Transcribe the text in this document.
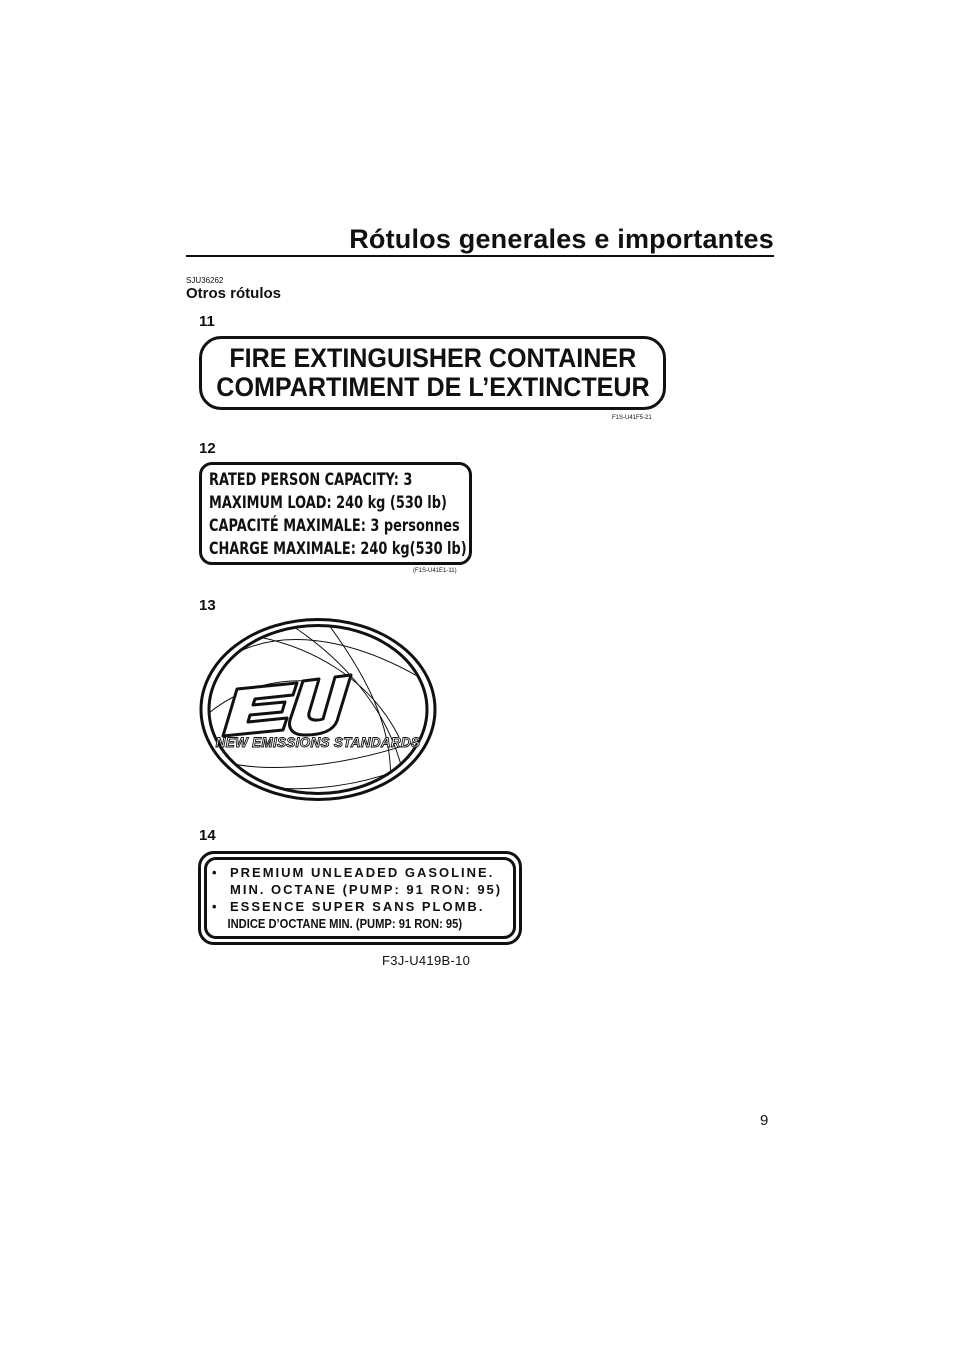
Rótulos generales e importantes
SJU36262
Otros rótulos
11
FIRE EXTINGUISHER CONTAINER
COMPARTIMENT DE L’EXTINCTEUR
F1S-U41F5-21
12
RATED PERSON CAPACITY: 3
MAXIMUM LOAD: 240 kg (530 lb)
CAPACITÉ MAXIMALE: 3 personnes
CHARGE MAXIMALE: 240 kg(530 lb)
(F1S-U41E1-11)
13
NEW EMISSIONS STANDARDS
14
• PREMIUM UNLEADED GASOLINE.
MIN. OCTANE (PUMP: 91 RON: 95)
• ESSENCE SUPER SANS PLOMB.
INDICE D’OCTANE MIN. (PUMP: 91 RON: 95)
F3J-U419B-10
9
